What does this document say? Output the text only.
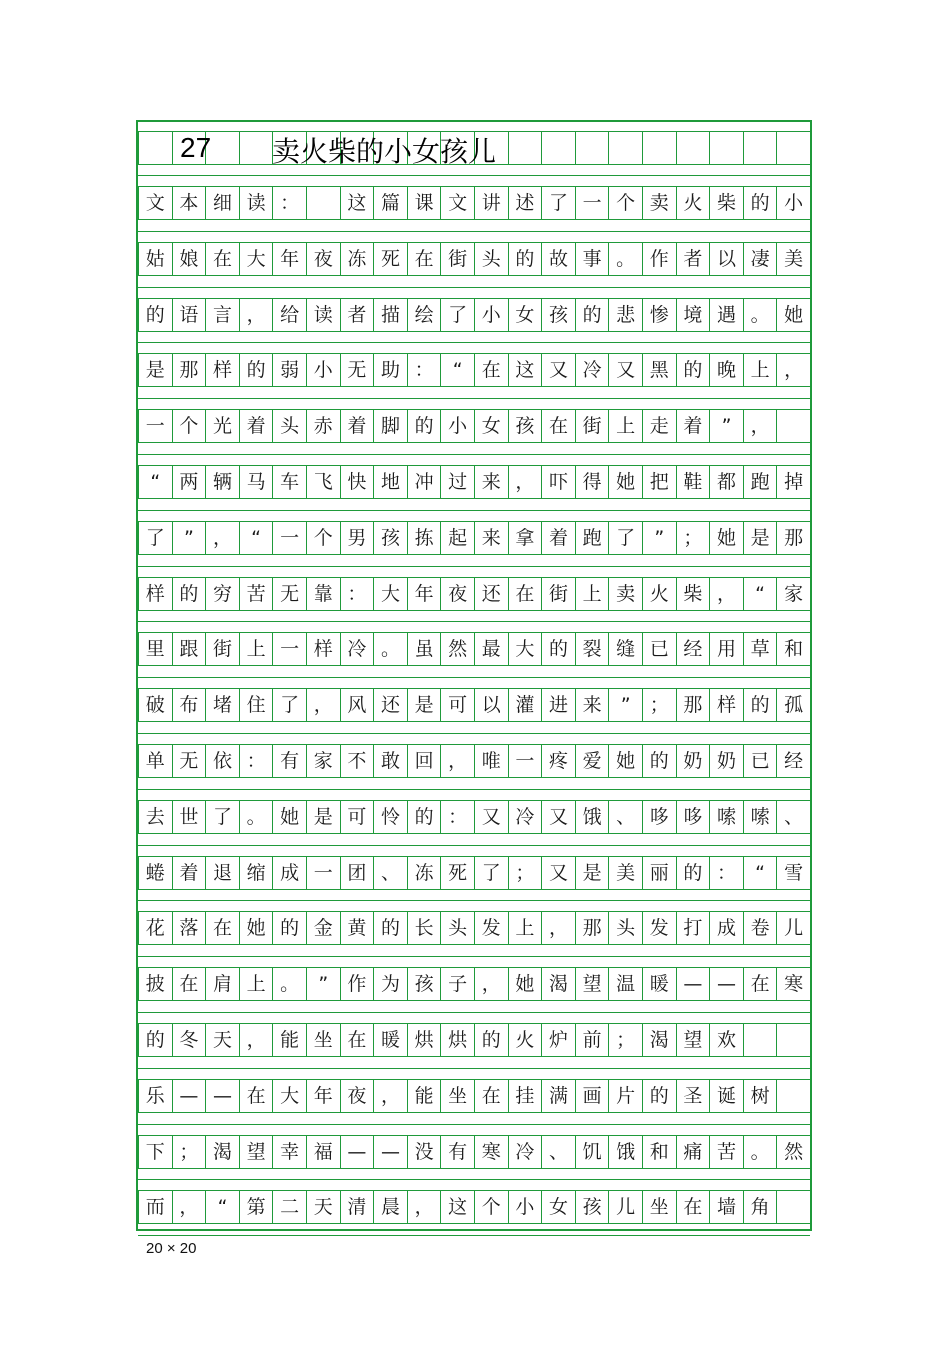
文 本 细 读 ：	这 篇 课 文 讲 述 了 一 个 卖 火 柴 的 小
姑 娘 在 大 年 夜 冻 死 在 街 头 的 故 事 。 作 者 以 凄 美
的 语 言 ， 给 读 者 描 绘 了 小 女 孩 的 悲 惨 境 遇 。 她
是 那 样 的 弱 小 无 助 ：	“	在 这 又 冷 又 黑 的 晚 上 ，
一 个 光 着 头 赤 着 脚 的 小 女 孩 在 街 上 走 着	”	，
“	两 辆 马 车 飞 快 地 冲 过 来 ， 吓 得 她 把 鞋 都 跑 掉
了	”	，	“	一 个 男 孩 拣 起 来 拿 着 跑 了	”	； 她 是 那
样 的 穷 苦 无 靠 ： 大 年 夜 还 在 街 上 卖 火 柴 ，	“	家
里 跟 街 上 一 样 冷 。 虽 然 最 大 的 裂 缝 已 经 用 草 和
破 布 堵 住 了 ， 风 还 是 可 以 灌 进 来	”	； 那 样 的 孤
单 无 依 ： 有 家 不 敢 回 ， 唯 一 疼 爱 她 的 奶 奶 已 经
去 世 了 。 她 是 可 怜 的 ： 又 冷 又 饿 、 哆 哆 嗦 嗦 、
蜷 着 退 缩 成 一 团 、 冻 死 了 ； 又 是 美 丽 的 ：	“	雪
花 落 在 她 的 金 黄 的 长 头 发 上 ， 那 头 发 打 成 卷 儿
披 在 肩 上 。	”	作 为 孩 子 ， 她 渴 望 温 暖 — — 在 寒
的 冬 天 ， 能 坐 在 暖 烘 烘 的 火 炉 前 ； 渴 望 欢
乐 — — 在 大 年 夜 ， 能 坐 在 挂 满 画 片 的 圣 诞 树
下 ； 渴 望 幸 福 — — 没 有 寒 冷 、 饥 饿 和 痛 苦 。 然
而 ，	“	第 二 天 清 晨 ， 这 个 小 女 孩 儿 坐 在 墙 角
27 卖火柴的小女孩儿
20 × 20
